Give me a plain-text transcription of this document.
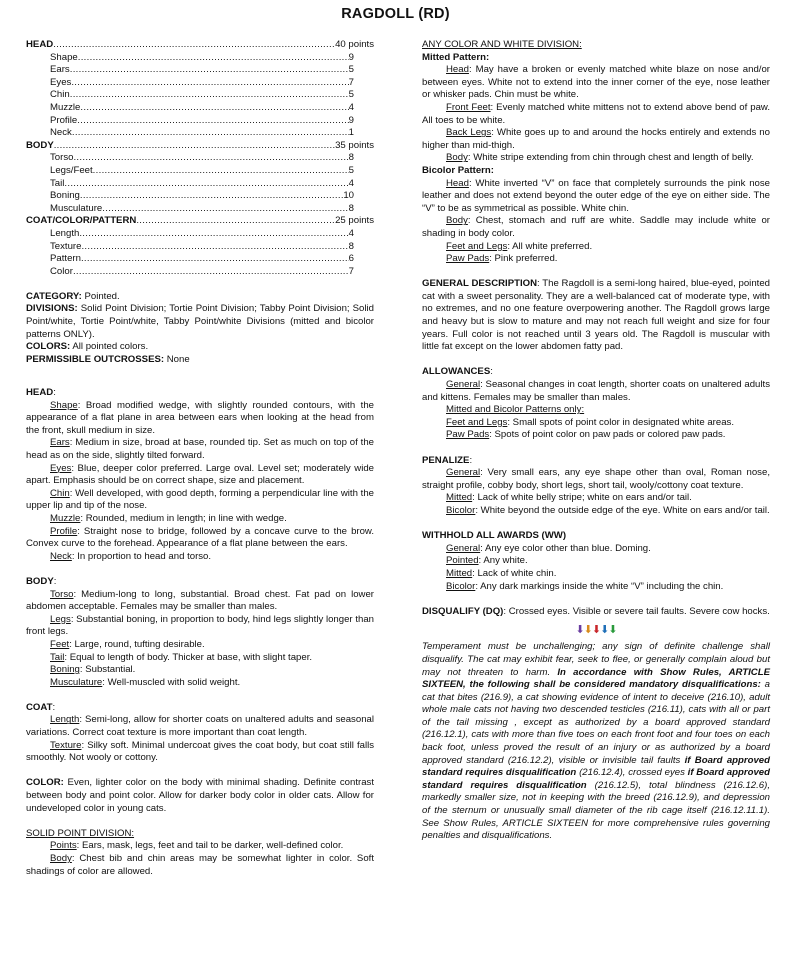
RAGDOLL (RD)
HEAD .....	40 points
Shape .....	9
Ears .....	5
Eyes .....	7
Chin .....	5
Muzzle .....	4
Profile .....	9
Neck .....	1
BODY .....	35 points
Torso .....	8
Legs/Feet .....	5
Tail .....	4
Boning .....	10
Musculature .....	8
COAT/COLOR/PATTERN .....	25 points
Length .....	4
Texture .....	8
Pattern .....	6
Color .....	7

CATEGORY: Pointed.

DIVISIONS: Solid Point Division; Tortie Point Division; Tabby Point Division; Solid Point/white, Tortie Point/white, Tabby Point/white Divisions (mitted and bicolor patterns ONLY).

COLORS: All pointed colors.

PERMISSIBLE OUTCROSSES: None

HEAD:

Shape: Broad modified wedge, with slightly rounded contours, with the appearance of a flat plane in area between ears when looking at the head from the front, skull medium in size.

Ears: Medium in size, broad at base, rounded tip. Set as much on top of the head as on the side, slightly tilted forward.

Eyes: Blue, deeper color preferred. Large oval. Level set; moderately wide apart. Emphasis should be on correct shape, size and placement.

Chin: Well developed, with good depth, forming a perpendicular line with the upper lip and tip of the nose.

Muzzle: Rounded, medium in length; in line with wedge.

Profile: Straight nose to bridge, followed by a concave curve to the brow. Convex curve to the forehead. Appearance of a flat plane between the ears.

Neck: In proportion to head and torso.

BODY:

Torso: Medium-long to long, substantial. Broad chest. Fat pad on lower abdomen acceptable. Females may be smaller than males.

Legs: Substantial boning, in proportion to body, hind legs slightly longer than front legs.

Feet: Large, round, tufting desirable.

Tail: Equal to length of body. Thicker at base, with slight taper.

Boning: Substantial.

Musculature: Well-muscled with solid weight.

COAT:

Length: Semi-long, allow for shorter coats on unaltered adults and seasonal variations. Correct coat texture is more important than coat length.

Texture: Silky soft. Minimal undercoat gives the coat body, but coat still falls smoothly. Not wooly or cottony.

COLOR: Even, lighter color on the body with minimal shading. Definite contrast between body and point color. Allow for darker body color in older cats. Allow for undeveloped color in young cats.

SOLID POINT DIVISION:

Points: Ears, mask, legs, feet and tail to be darker, well-defined color.

Body: Chest bib and chin areas may be somewhat lighter in color. Soft shadings of color are allowed.

ANY COLOR AND WHITE DIVISION:

Mitted Pattern:

Head: May have a broken or evenly matched white blaze on nose and/or between eyes. White not to extend into the inner corner of the eye, nose leather or whisker pads. Chin must be white.

Front Feet: Evenly matched white mittens not to extend above bend of paw. All toes to be white.

Back Legs: White goes up to and around the hocks entirely and extends no higher than mid-thigh.

Body: White stripe extending from chin through chest and length of belly.

Bicolor Pattern:

Head: White inverted “V” on face that completely surrounds the pink nose leather and does not extend beyond the outer edge of the eye on either side. The “V” to be as symmetrical as possible. White chin.

Body: Chest, stomach and ruff are white. Saddle may include white or shading in body color.

Feet and Legs: All white preferred.

Paw Pads: Pink preferred.

GENERAL DESCRIPTION: The Ragdoll is a semi-long haired, blue-eyed, pointed cat with a sweet personality. They are a well-balanced cat of moderate type, with no extremes, and no one feature overpowering another. The Ragdoll grows large and heavy but is slow to mature and may not reach full weight and size for four years. Full color is not reached until 3 years old. The Ragdoll is muscular with little fat except on the lower abdomen fatty pad.

ALLOWANCES:

General: Seasonal changes in coat length, shorter coats on unaltered adults and kittens. Females may be smaller than males.

Mitted and Bicolor Patterns only:

Feet and Legs: Small spots of point color in designated white areas.

Paw Pads: Spots of point color on paw pads or colored paw pads.

PENALIZE:

General: Very small ears, any eye shape other than oval, Roman nose, straight profile, cobby body, short legs, short tail, wooly/cottony coat texture.

Mitted: Lack of white belly stripe; white on ears and/or tail.

Bicolor: White beyond the outside edge of the eye. White on ears and/or tail.

WITHHOLD ALL AWARDS (WW)

General: Any eye color other than blue. Doming.

Pointed: Any white.

Mitted: Lack of white chin.

Bicolor: Any dark markings inside the white “V” including the chin.

DISQUALIFY (DQ): Crossed eyes. Visible or severe tail faults. Severe cow hocks.

⬇⬇⬇⬇⬇

Temperament must be unchallenging; any sign of definite challenge shall disqualify. The cat may exhibit fear, seek to flee, or generally complain aloud but may not threaten to harm. In accordance with Show Rules, ARTICLE SIXTEEN, the following shall be considered mandatory disqualifications: a cat that bites (216.9), a cat showing evidence of intent to deceive (216.10), adult whole male cats not having two descended testicles (216.11), cats with all or part of the tail missing , except as authorized by a board approved standard (216.12.1), cats with more than five toes on each front foot and four toes on each back foot, unless proved the result of an injury or as authorized by a board approved standard (216.12.2), visible or invisible tail faults if Board approved standard requires disqualification (216.12.4), crossed eyes if Board approved standard requires disqualification (216.12.5), total blindness (216.12.6), markedly smaller size, not in keeping with the breed (216.12.9), and depression of the sternum or unusually small diameter of the rib cage itself (216.12.11.1). See Show Rules, ARTICLE SIXTEEN for more comprehensive rules governing penalties and disqualifications.
